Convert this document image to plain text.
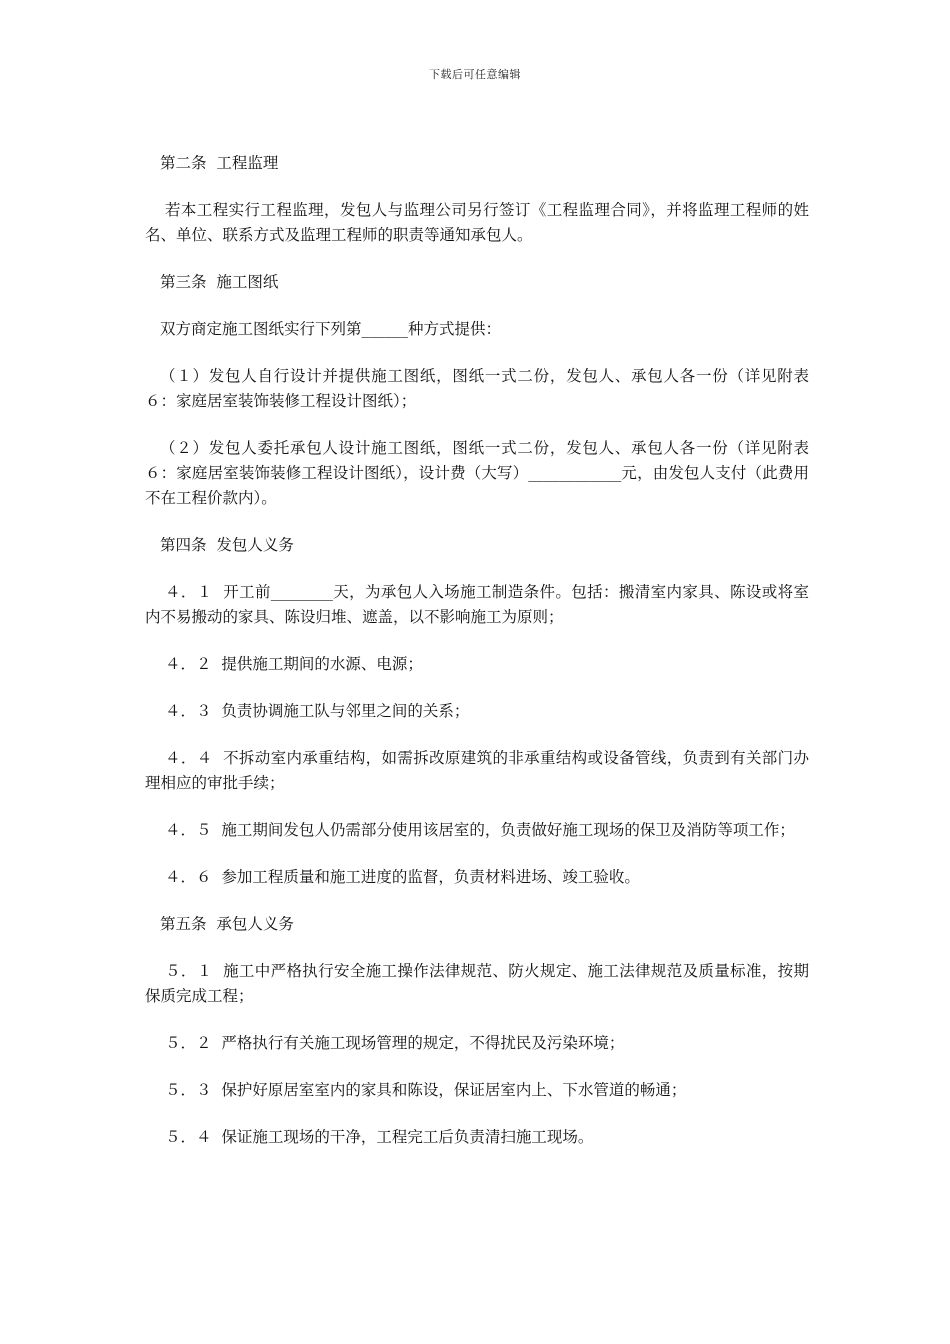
下载后可任意编辑

第二条  工程监理

若本工程实行工程监理，发包人与监理公司另行签订《工程监理合同》，并将监理工程师的姓名、单位、联系方式及监理工程师的职责等通知承包人。

第三条  施工图纸

双方商定施工图纸实行下列第______种方式提供：

（１）发包人自行设计并提供施工图纸，图纸一式二份，发包人、承包人各一份（详见附表６：家庭居室装饰装修工程设计图纸）；

（２）发包人委托承包人设计施工图纸，图纸一式二份，发包人、承包人各一份（详见附表６：家庭居室装饰装修工程设计图纸），设计费（大写）____________元，由发包人支付（此费用不在工程价款内）。

第四条  发包人义务

４．１  开工前________天，为承包人入场施工制造条件。包括：搬清室内家具、陈设或将室内不易搬动的家具、陈设归堆、遮盖，以不影响施工为原则；

４．２  提供施工期间的水源、电源；

４．３  负责协调施工队与邻里之间的关系；

４．４  不拆动室内承重结构，如需拆改原建筑的非承重结构或设备管线，负责到有关部门办理相应的审批手续；

４．５  施工期间发包人仍需部分使用该居室的，负责做好施工现场的保卫及消防等项工作；

４．６  参加工程质量和施工进度的监督，负责材料进场、竣工验收。

第五条  承包人义务

５．１  施工中严格执行安全施工操作法律规范、防火规定、施工法律规范及质量标准，按期保质完成工程；

５．２  严格执行有关施工现场管理的规定，不得扰民及污染环境；

５．３  保护好原居室室内的家具和陈设，保证居室内上、下水管道的畅通；

５．４  保证施工现场的干净，工程完工后负责清扫施工现场。
